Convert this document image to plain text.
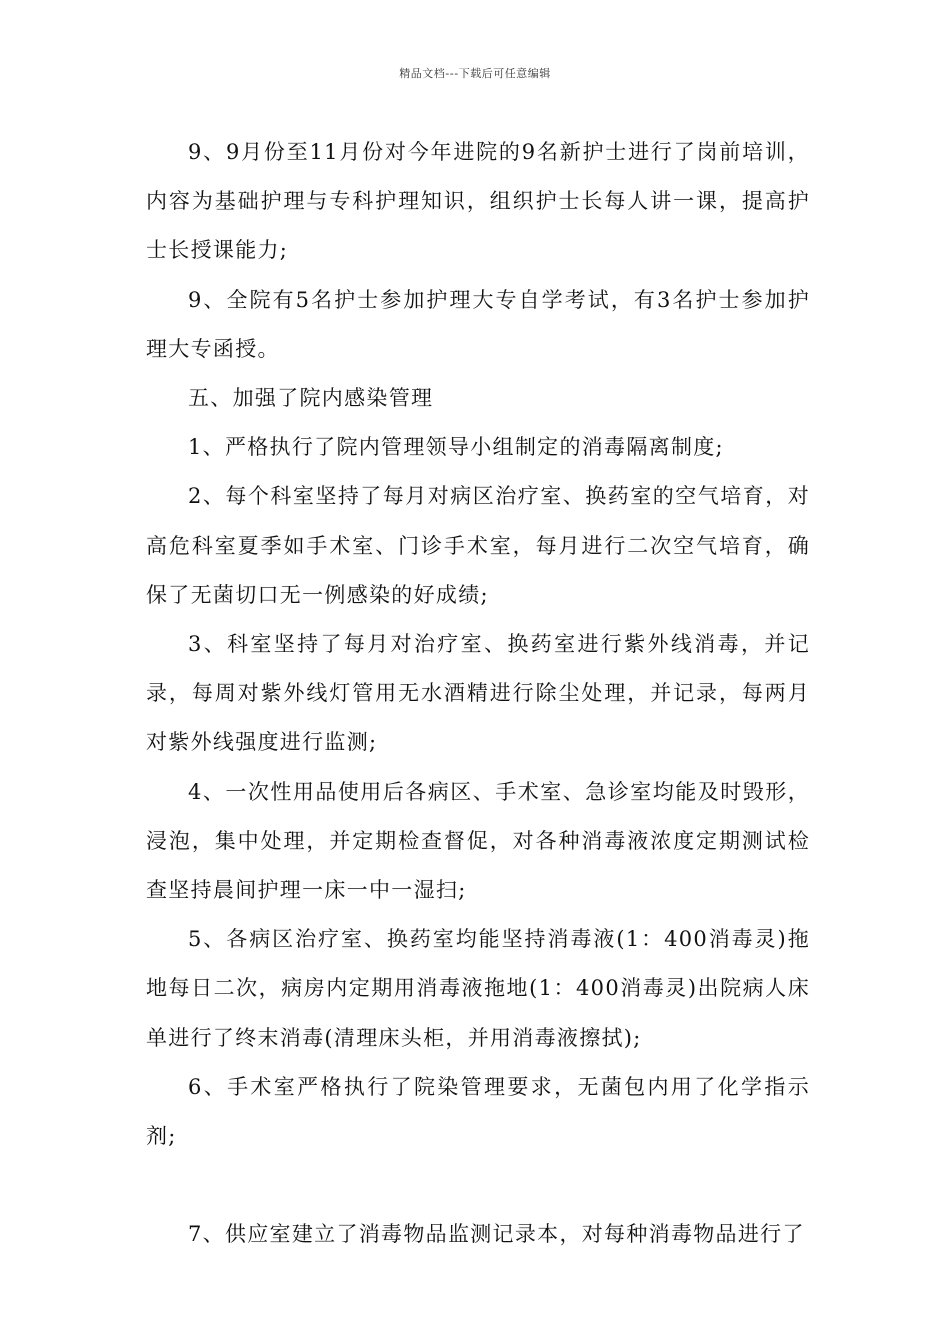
精品文档---下载后可任意编辑

9、9月份至11月份对今年进院的9名新护士进行了岗前培训，内容为基础护理与专科护理知识，组织护士长每人讲一课，提高护士长授课能力;

9、全院有5名护士参加护理大专自学考试，有3名护士参加护理大专函授。

五、加强了院内感染管理

1、严格执行了院内管理领导小组制定的消毒隔离制度;

2、每个科室坚持了每月对病区治疗室、换药室的空气培育，对高危科室夏季如手术室、门诊手术室，每月进行二次空气培育，确保了无菌切口无一例感染的好成绩;

3、科室坚持了每月对治疗室、换药室进行紫外线消毒，并记录，每周对紫外线灯管用无水酒精进行除尘处理，并记录，每两月对紫外线强度进行监测;

4、一次性用品使用后各病区、手术室、急诊室均能及时毁形，浸泡，集中处理，并定期检查督促，对各种消毒液浓度定期测试检查坚持晨间护理一床一中一湿扫;

5、各病区治疗室、换药室均能坚持消毒液(1：400消毒灵)拖地每日二次，病房内定期用消毒液拖地(1：400消毒灵)出院病人床单进行了终末消毒(清理床头柜，并用消毒液擦拭);

6、手术室严格执行了院染管理要求，无菌包内用了化学指示剂;

7、供应室建立了消毒物品监测记录本，对每种消毒物品进行了
